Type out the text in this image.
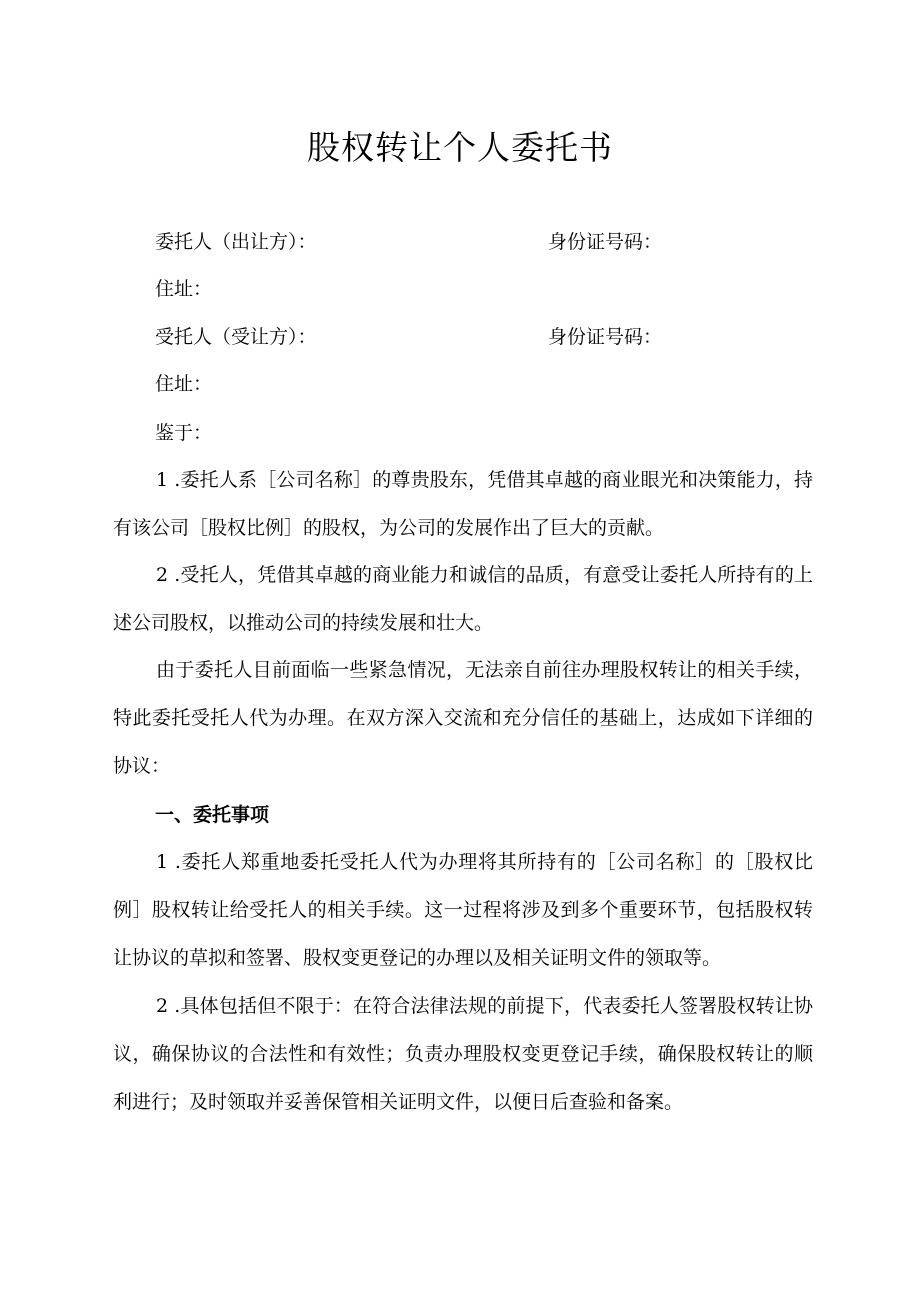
股权转让个人委托书
委托人（出让方）：	身份证号码：
住址：
受托人（受让方）：	身份证号码：
住址：
鉴于：

1 .委托人系［公司名称］的尊贵股东，凭借其卓越的商业眼光和决策能力，持有该公司［股权比例］的股权，为公司的发展作出了巨大的贡献。

2 .受托人，凭借其卓越的商业能力和诚信的品质，有意受让委托人所持有的上述公司股权，以推动公司的持续发展和壮大。

由于委托人目前面临一些紧急情况，无法亲自前往办理股权转让的相关手续，特此委托受托人代为办理。在双方深入交流和充分信任的基础上，达成如下详细的协议：

一、委托事项

1 .委托人郑重地委托受托人代为办理将其所持有的［公司名称］的［股权比例］股权转让给受托人的相关手续。这一过程将涉及到多个重要环节，包括股权转让协议的草拟和签署、股权变更登记的办理以及相关证明文件的领取等。

2 .具体包括但不限于：在符合法律法规的前提下，代表委托人签署股权转让协议，确保协议的合法性和有效性；负责办理股权变更登记手续，确保股权转让的顺利进行；及时领取并妥善保管相关证明文件，以便日后查验和备案。
